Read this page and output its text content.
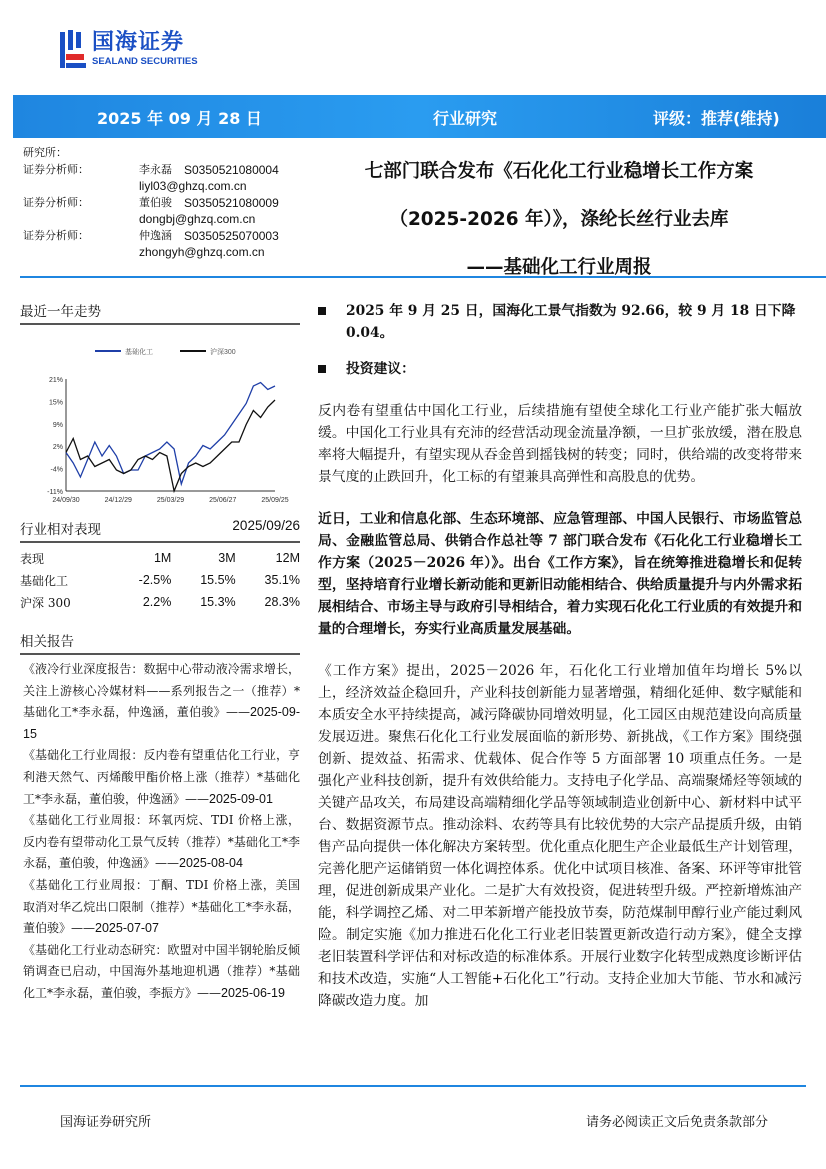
国海证券
SEALAND SECURITIES
2025 年 09 月 28 日	行业研究	评级：推荐(维持)
研究所：
证券分析师：	李永磊 S0350521080004
liyl03@ghzq.com.cn
证券分析师：	董伯骏 S0350521080009
dongbj@ghzq.com.cn
证券分析师：	仲逸涵 S0350525070003
zhongyh@ghzq.com.cn
七部门联合发布《石化化工行业稳增长工作方案
（2025-2026 年）》，涤纶长丝行业去库
——基础化工行业周报
最近一年走势
21%
15%
9%
2%
-4%
-11%
24/09/30	24/12/29	25/03/29	25/06/27	25/09/25
基础化工	沪深300
行业相对表现	2025/09/26
表现	1M	3M	12M
基础化工	-2.5%	15.5%	35.1%
沪深 300	2.2%	15.3%	28.3%
相关报告

《液冷行业深度报告：数据中心带动液冷需求增长，关注上游核心冷媒材料——系列报告之一（推荐）*基础化工*李永磊，仲逸涵，董伯骏》——2025-09-15

《基础化工行业周报：反内卷有望重估化工行业，亨利港天然气、丙烯酸甲酯价格上涨（推荐）*基础化工*李永磊，董伯骏，仲逸涵》——2025-09-01

《基础化工行业周报：环氧丙烷、TDI 价格上涨，反内卷有望带动化工景气反转（推荐）*基础化工*李永磊，董伯骏，仲逸涵》——2025-08-04

《基础化工行业周报：丁酮、TDI 价格上涨，美国取消对华乙烷出口限制（推荐）*基础化工*李永磊，董伯骏》——2025-07-07

《基础化工行业动态研究：欧盟对中国半钢轮胎反倾销调查已启动，中国海外基地迎机遇（推荐）*基础化工*李永磊，董伯骏，李振方》——2025-06-19

2025 年 9 月 25 日，国海化工景气指数为 92.66，较 9 月 18 日下降 0.04。
投资建议：

反内卷有望重估中国化工行业，后续措施有望使全球化工行业产能扩张大幅放缓。中国化工行业具有充沛的经营活动现金流量净额，一旦扩张放缓，潜在股息率将大幅提升，有望实现从吞金兽到摇钱树的转变；同时，供给端的改变将带来景气度的止跌回升，化工标的有望兼具高弹性和高股息的优势。

近日，工业和信息化部、生态环境部、应急管理部、中国人民银行、市场监管总局、金融监管总局、供销合作总社等 7 部门联合发布《石化化工行业稳增长工作方案（2025－2026 年）》。出台《工作方案》，旨在统筹推进稳增长和促转型，坚持培育行业增长新动能和更新旧动能相结合、供给质量提升与内外需求拓展相结合、市场主导与政府引导相结合，着力实现石化化工行业质的有效提升和量的合理增长，夯实行业高质量发展基础。

《工作方案》提出，2025－2026 年，石化化工行业增加值年均增长 5%以上，经济效益企稳回升，产业科技创新能力显著增强，精细化延伸、数字赋能和本质安全水平持续提高，减污降碳协同增效明显，化工园区由规范建设向高质量发展迈进。聚焦石化化工行业发展面临的新形势、新挑战，《工作方案》围绕强创新、提效益、拓需求、优载体、促合作等 5 方面部署 10 项重点任务。一是强化产业科技创新，提升有效供给能力。支持电子化学品、高端聚烯烃等领域的关键产品攻关，布局建设高端精细化学品等领域制造业创新中心、新材料中试平台、数据资源节点。推动涂料、农药等具有比较优势的大宗产品提质升级，由销售产品向提供一体化解决方案转型。优化重点化肥生产企业最低生产计划管理，完善化肥产运储销贸一体化调控体系。优化中试项目核准、备案、环评等审批管理，促进创新成果产业化。二是扩大有效投资，促进转型升级。严控新增炼油产能，科学调控乙烯、对二甲苯新增产能投放节奏，防范煤制甲醇行业产能过剩风险。制定实施《加力推进石化化工行业老旧装置更新改造行动方案》，健全支撑老旧装置科学评估和对标改造的标准体系。开展行业数字化转型成熟度诊断评估和技术改造，实施“人工智能+石化化工”行动。支持企业加大节能、节水和减污降碳改造力度。加

国海证券研究所	请务必阅读正文后免责条款部分
